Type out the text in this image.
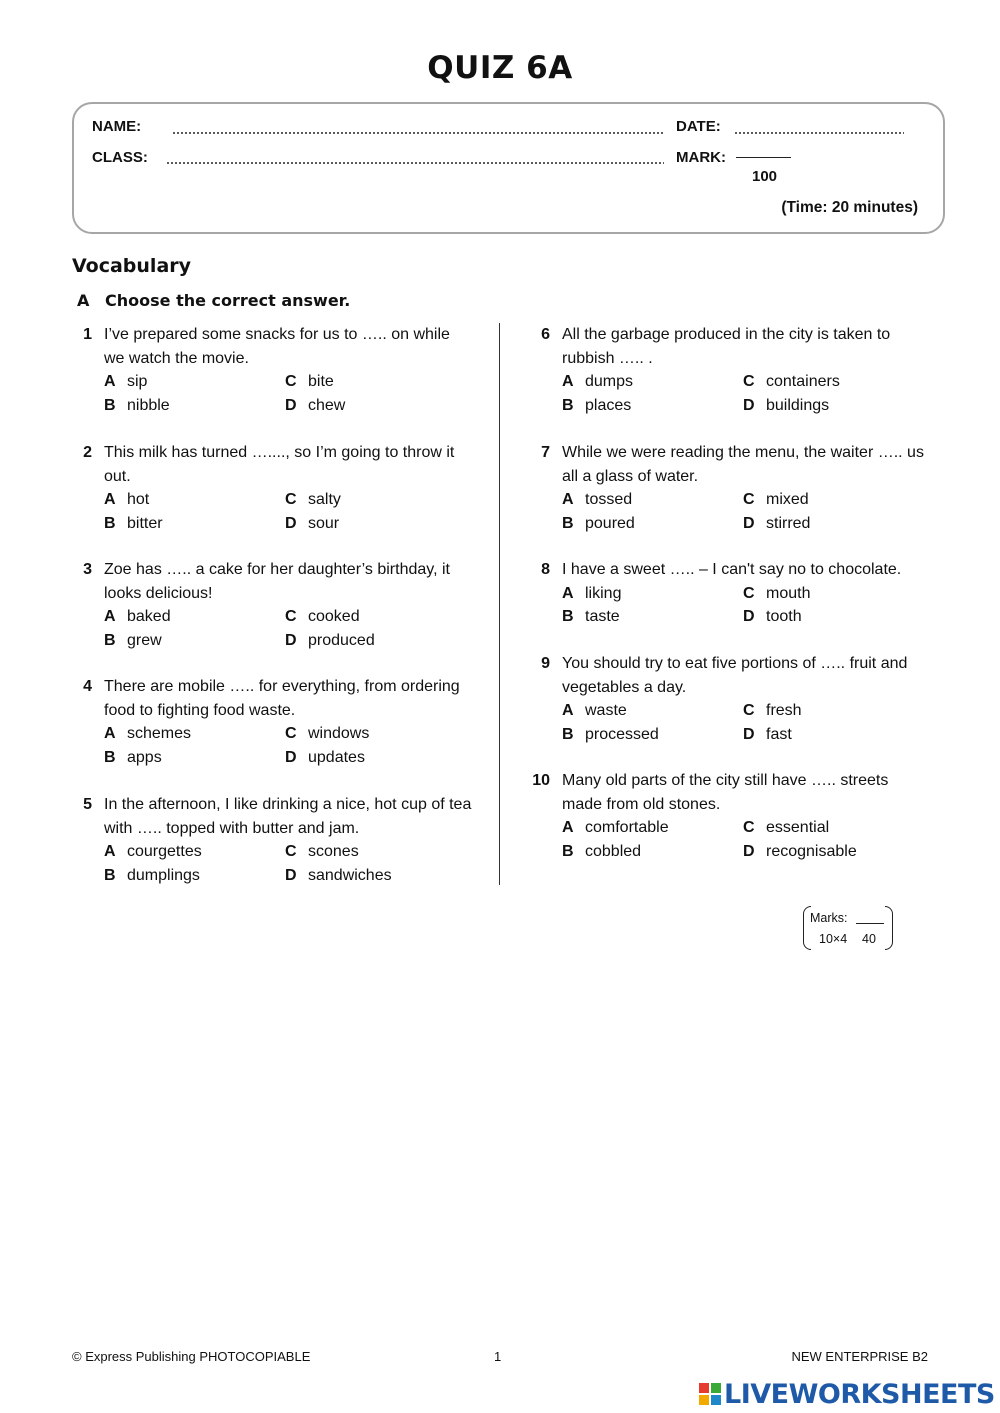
QUIZ 6A
NAME:
CLASS:
DATE:
MARK:
100
(Time: 20 minutes)
Vocabulary
A Choose the correct answer.
1 I’ve prepared some snacks for us to ….. on while we watch the movie.
A sip	C bite
B nibble	D chew
2 This milk has turned …...., so I’m going to throw it out.
A hot	C salty
B bitter	D sour
3 Zoe has ….. a cake for her daughter’s birthday, it looks delicious!
A baked	C cooked
B grew	D produced
4 There are mobile ….. for everything, from ordering food to fighting food waste.
A schemes	C windows
B apps	D updates
5 In the afternoon, I like drinking a nice, hot cup of tea with ….. topped with butter and jam.
A courgettes	C scones
B dumplings	D sandwiches
6 All the garbage produced in the city is taken to rubbish ….. .
A dumps	C containers
B places	D buildings
7 While we were reading the menu, the waiter ….. us all a glass of water.
A tossed	C mixed
B poured	D stirred
8 I have a sweet ….. – I can't say no to chocolate.
A liking	C mouth
B taste	D tooth
9 You should try to eat five portions of ….. fruit and vegetables a day.
A waste	C fresh
B processed	D fast
10 Many old parts of the city still have ….. streets made from old stones.
A comfortable	C essential
B cobbled	D recognisable
Marks:
10×4 40
© Express Publishing PHOTOCOPIABLE	1	NEW ENTERPRISE B2
LIVEWORKSHEETS
